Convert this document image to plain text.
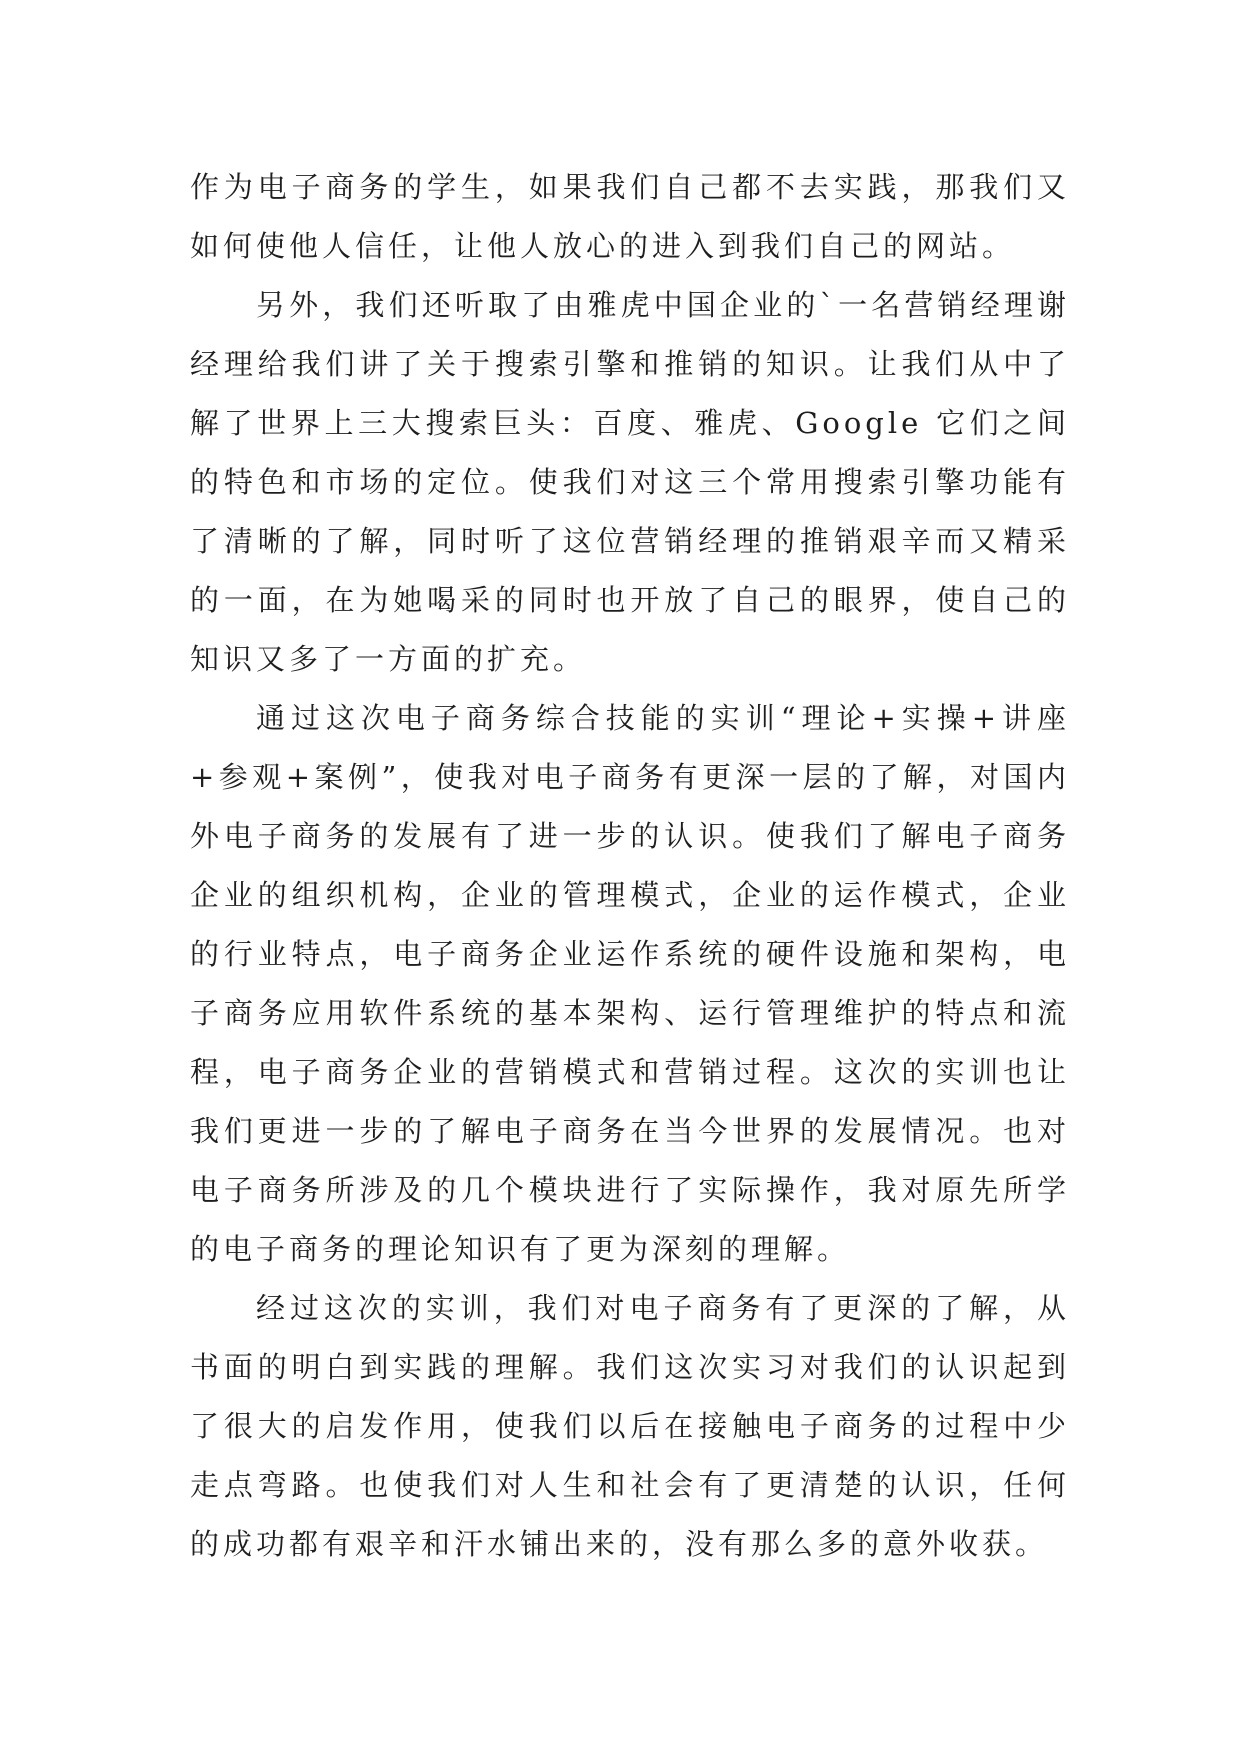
作为电子商务的学生，如果我们自己都不去实践，那我们又如何使他人信任，让他人放心的进入到我们自己的网站。

另外，我们还听取了由雅虎中国企业的`一名营销经理谢经理给我们讲了关于搜索引擎和推销的知识。让我们从中了解了世界上三大搜索巨头：百度、雅虎、Google 它们之间的特色和市场的定位。使我们对这三个常用搜索引擎功能有了清晰的了解，同时听了这位营销经理的推销艰辛而又精采的一面，在为她喝采的同时也开放了自己的眼界，使自己的知识又多了一方面的扩充。

通过这次电子商务综合技能的实训“理论+实操+讲座+参观+案例”，使我对电子商务有更深一层的了解，对国内外电子商务的发展有了进一步的认识。使我们了解电子商务企业的组织机构，企业的管理模式，企业的运作模式，企业的行业特点，电子商务企业运作系统的硬件设施和架构，电子商务应用软件系统的基本架构、运行管理维护的特点和流程，电子商务企业的营销模式和营销过程。这次的实训也让我们更进一步的了解电子商务在当今世界的发展情况。也对电子商务所涉及的几个模块进行了实际操作，我对原先所学的电子商务的理论知识有了更为深刻的理解。

经过这次的实训，我们对电子商务有了更深的了解，从书面的明白到实践的理解。我们这次实习对我们的认识起到了很大的启发作用，使我们以后在接触电子商务的过程中少走点弯路。也使我们对人生和社会有了更清楚的认识，任何的成功都有艰辛和汗水铺出来的，没有那么多的意外收获。
